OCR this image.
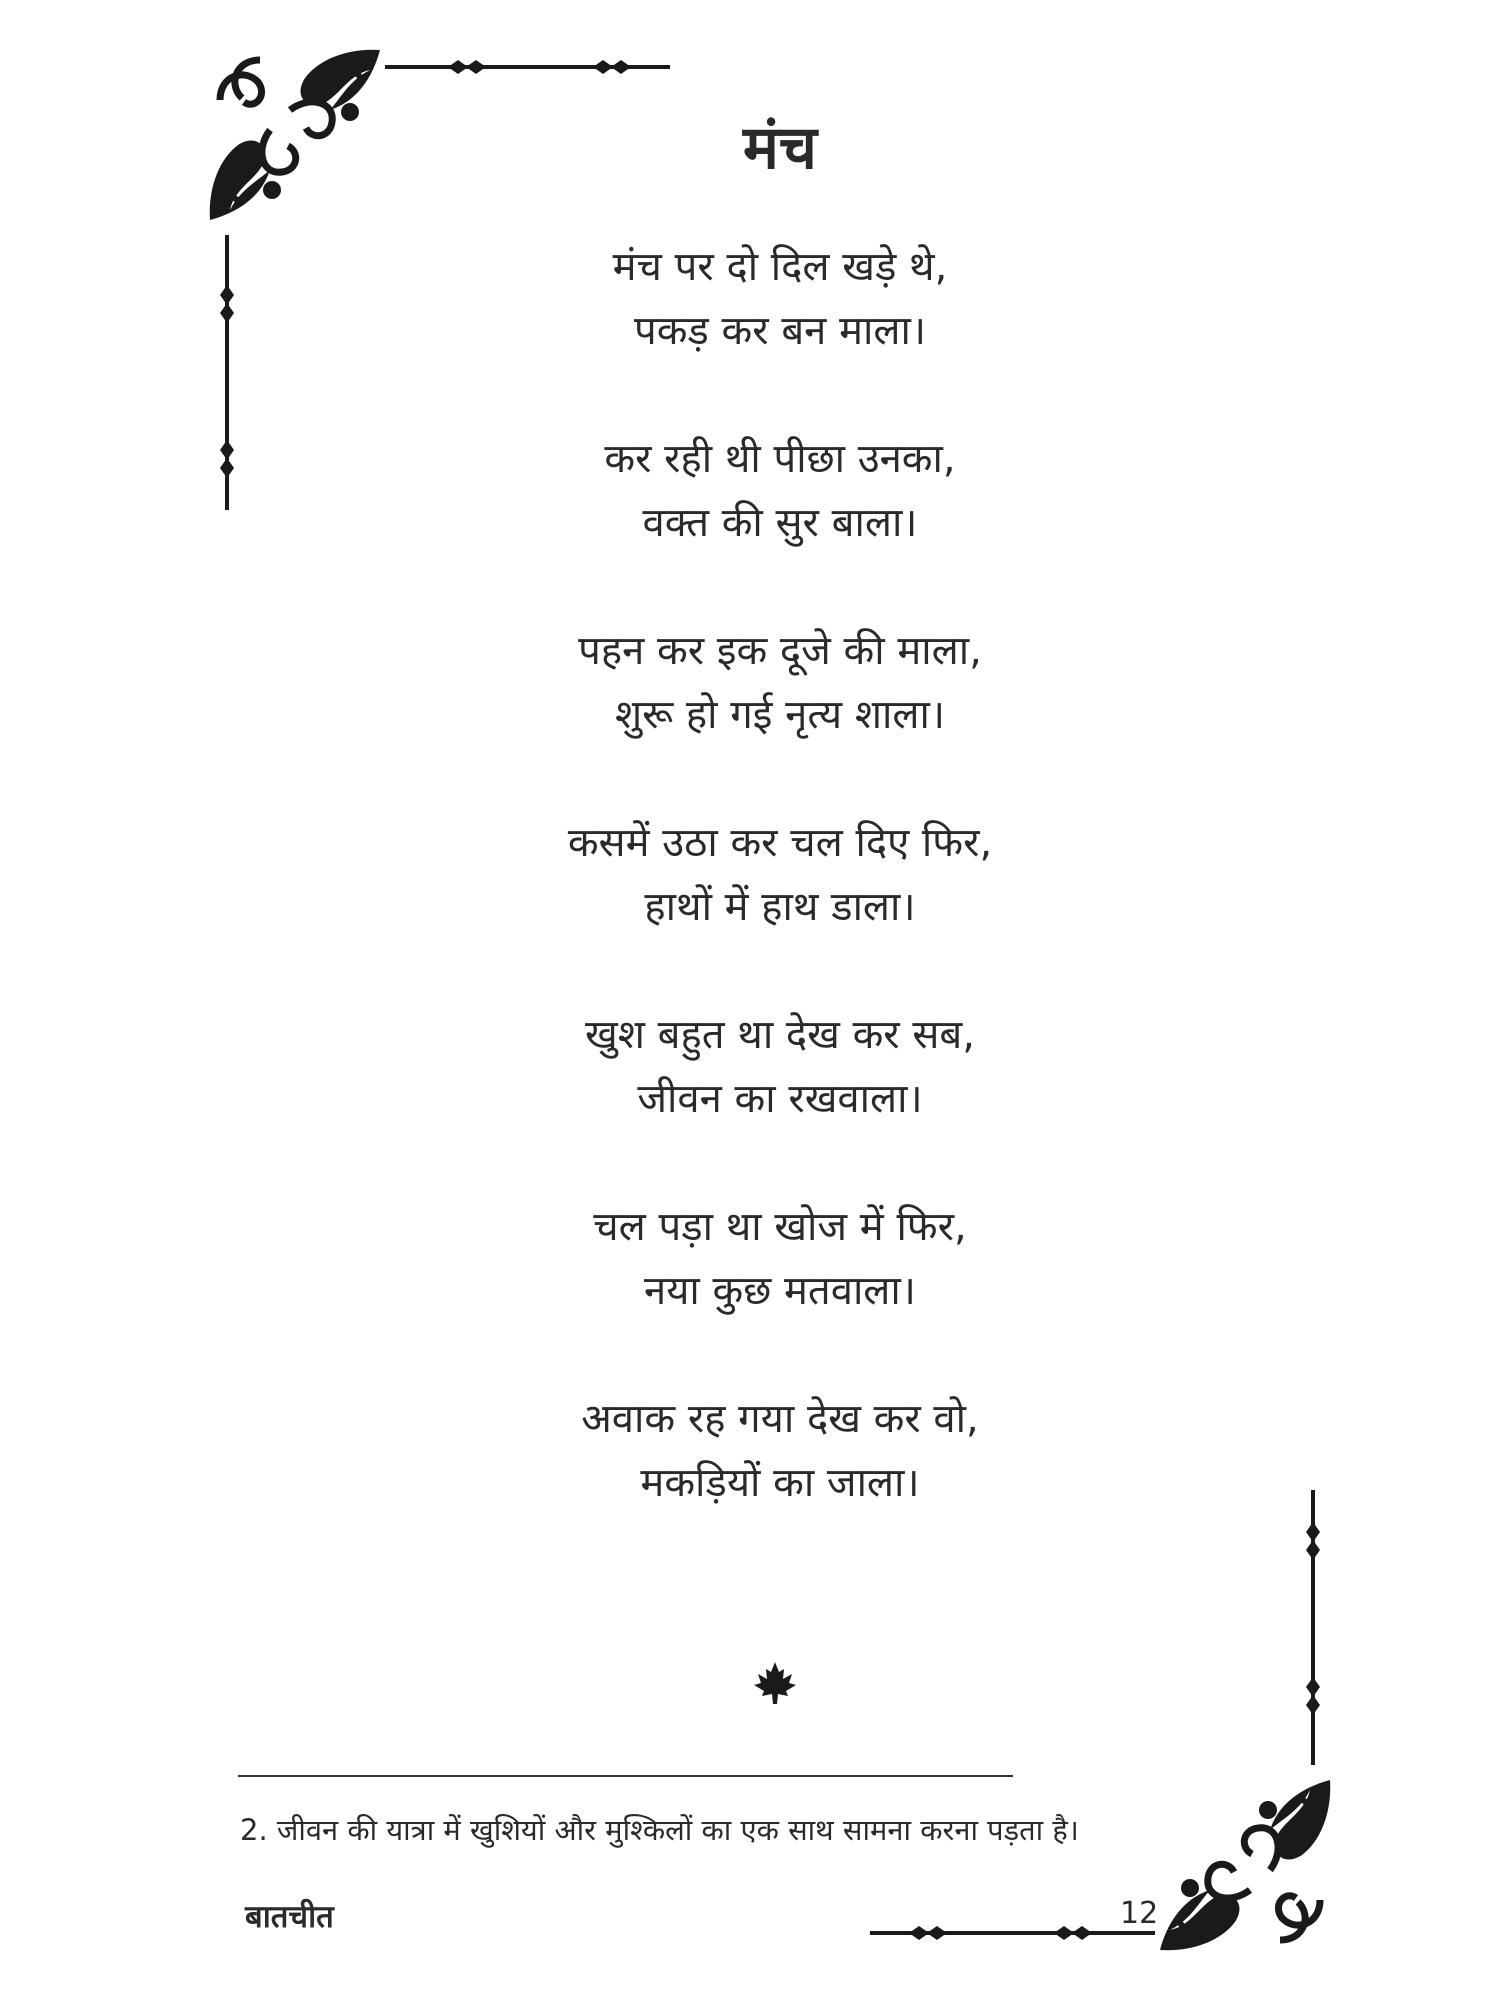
मंच
मंच पर दो दिल खड़े थे,
पकड़ कर बन माला।
कर रही थी पीछा उनका,
वक्त की सुर बाला।
पहन कर इक दूजे की माला,
शुरू हो गई नृत्य शाला।
कसमें उठा कर चल दिए फिर,
हाथों में हाथ डाला।
खुश बहुत था देख कर सब,
जीवन का रखवाला।
चल पड़ा था खोज में फिर,
नया कुछ मतवाला।
अवाक रह गया देख कर वो,
मकड़ियों का जाला।
2. जीवन की यात्रा में खुशियों और मुश्किलों का एक साथ सामना करना पड़ता है।
बातचीत	12
